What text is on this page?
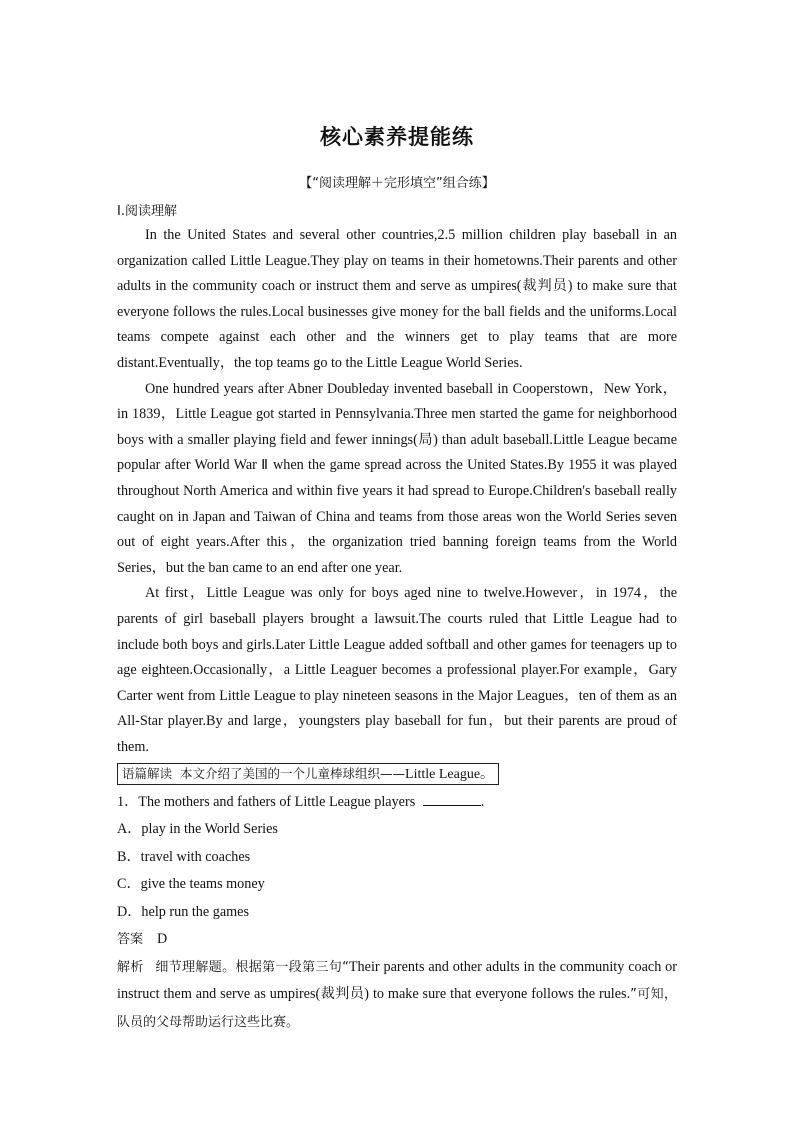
核心素养提能练
【“阅读理解＋完形填空”组合练】
Ⅰ.阅读理解

In the United States and several other countries,2.5 million children play baseball in an organization called Little League.They play on teams in their hometowns.Their parents and other adults in the community coach or instruct them and serve as umpires(裁判员) to make sure that everyone follows the rules.Local businesses give money for the ball fields and the uniforms.Local teams compete against each other and the winners get to play teams that are more distant.Eventually，the top teams go to the Little League World Series.

One hundred years after Abner Doubleday invented baseball in Cooperstown，New York，in 1839，Little League got started in Pennsylvania.Three men started the game for neighborhood boys with a smaller playing field and fewer innings(局) than adult baseball.Little League became popular after World War Ⅱ when the game spread across the United States.By 1955 it was played throughout North America and within five years it had spread to Europe.Children's baseball really caught on in Japan and Taiwan of China and teams from those areas won the World Series seven out of eight years.After this，the organization tried banning foreign teams from the World Series，but the ban came to an end after one year.

At first，Little League was only for boys aged nine to twelve.However，in 1974，the parents of girl baseball players brought a lawsuit.The courts ruled that Little League had to include both boys and girls.Later Little League added softball and other games for teenagers up to age eighteen.Occasionally，a Little Leaguer becomes a professional player.For example，Gary Carter went from Little League to play nineteen seasons in the Major Leagues，ten of them as an All-Star player.By and large，youngsters play baseball for fun，but their parents are proud of them.

语篇解读 本文介绍了美国的一个儿童棒球组织——Little League。
1．The mothers and fathers of Little League players	.
A．play in the World Series
B．travel with coaches
C．give the teams money
D．help run the games
答案 D
解析 细节理解题。根据第一段第三句“Their parents and other adults in the community coach or instruct them and serve as umpires(裁判员) to make sure that everyone follows the rules.”可知，队员的父母帮助运行这些比赛。
